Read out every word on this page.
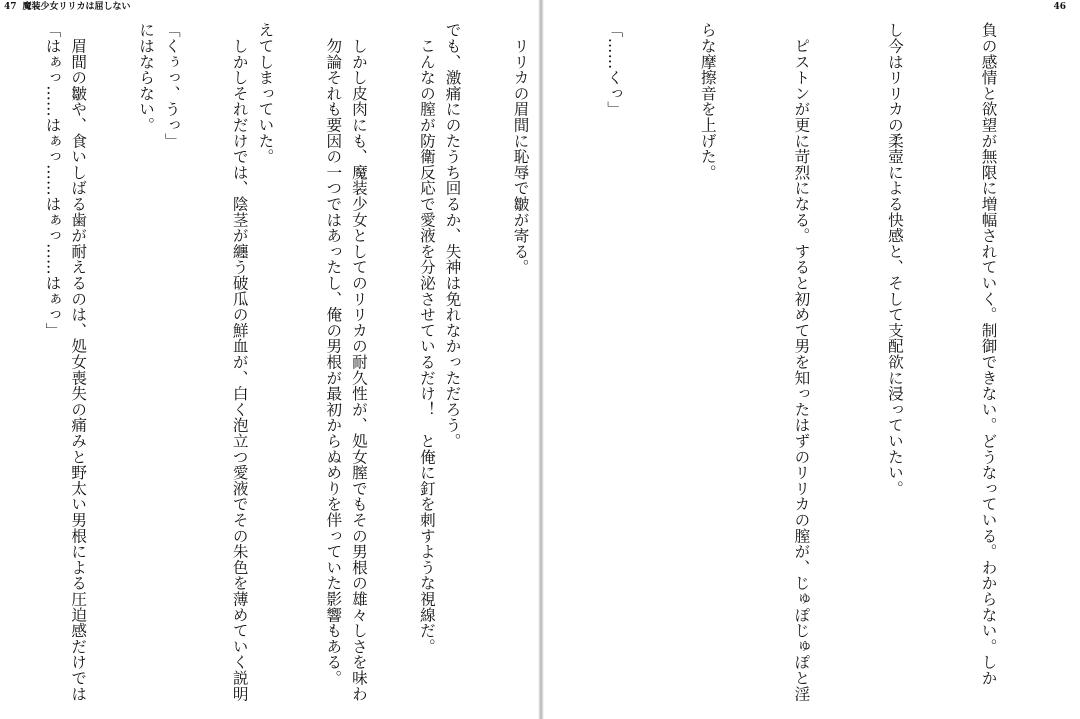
46

負の感情と欲望が無限に増幅されていく。制御できない。どうなっている。わからない。しか

し今はリリカの柔壺による快感と、そして支配欲に浸っていたい。

　ピストンが更に苛烈になる。すると初めて男を知ったはずのリリカの膣が、じゅぽじゅぽと淫

らな摩擦音を上げた。

「……くっ」

　リリカの眉間に恥辱で皺が寄る。

　こんなの膣が防衛反応で愛液を分泌させているだけ！　と俺に釘を刺すような視線だ。

　勿論それも要因の一つではあったし、俺の男根が最初からぬめりを伴っていた影響もある。

　しかしそれだけでは、陰茎が纏う破瓜の鮮血が、白く泡立つ愛液でその朱色を薄めていく説明

にはならない。

「はぁっ……はぁっ……はぁっ……はぁっ」

47 魔装少女リリカは屈しない

でも、激痛にのたうち回るか、失神は免れなかっただろう。

　しかし皮肉にも、魔装少女としてのリリカの耐久性が、処女膣でもその男根の雄々しさを味わ

えてしまっていた。

「くぅっ、うっ」

　眉間の皺や、食いしばる歯が耐えるのは、処女喪失の痛みと野太い男根による圧迫感だけでは
